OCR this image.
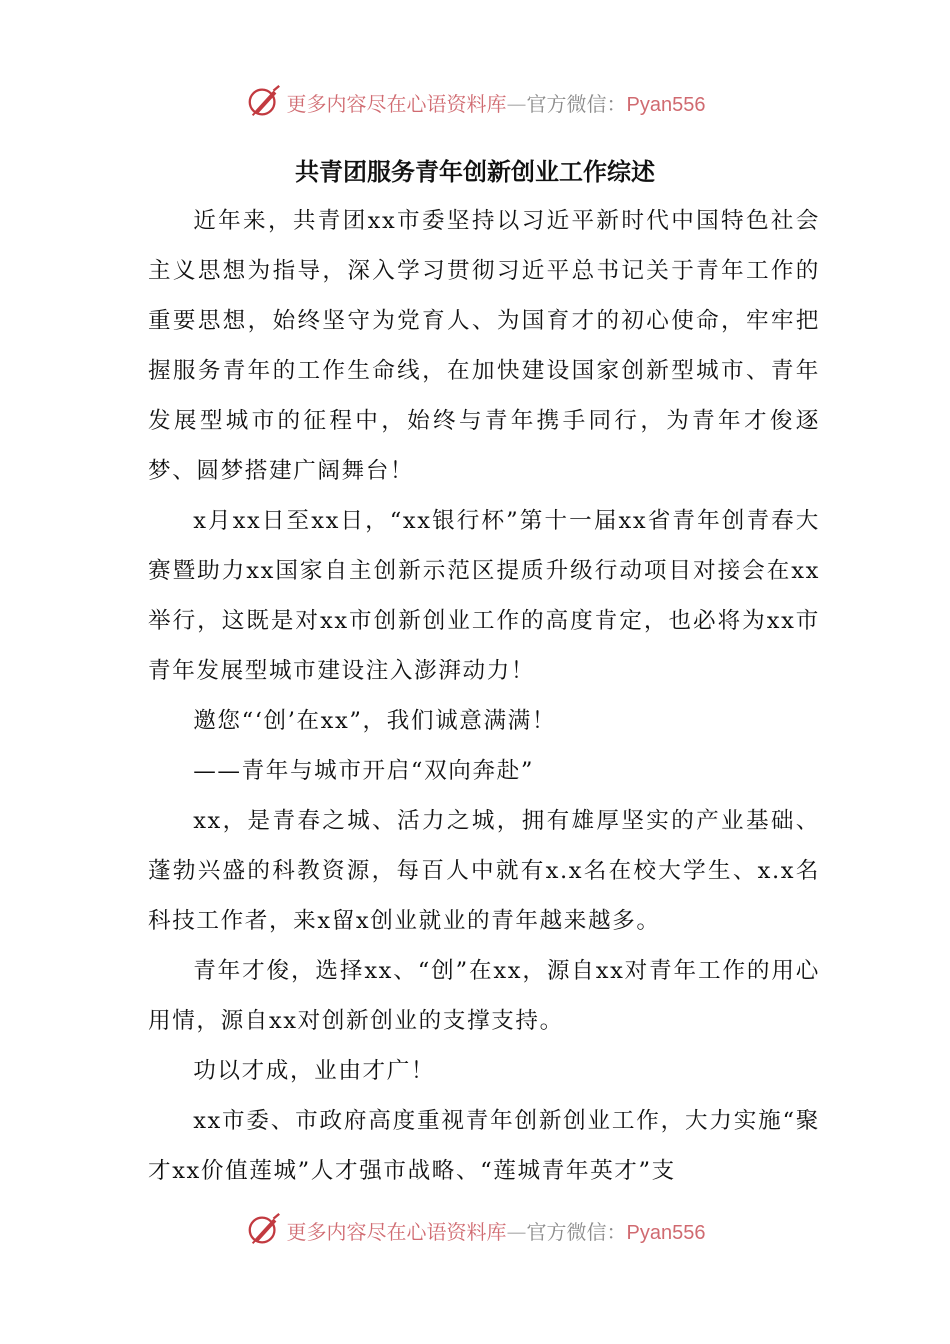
更多内容尽在心语资料库—官方微信：Pyan556
共青团服务青年创新创业工作综述

近年来，共青团xx市委坚持以习近平新时代中国特色社会主义思想为指导，深入学习贯彻习近平总书记关于青年工作的重要思想，始终坚守为党育人、为国育才的初心使命，牢牢把握服务青年的工作生命线，在加快建设国家创新型城市、青年发展型城市的征程中，始终与青年携手同行，为青年才俊逐梦、圆梦搭建广阔舞台！

x月xx日至xx日，“xx银行杯”第十一届xx省青年创青春大赛暨助力xx国家自主创新示范区提质升级行动项目对接会在xx举行，这既是对xx市创新创业工作的高度肯定，也必将为xx市青年发展型城市建设注入澎湃动力！

邀您“‘创’在xx”，我们诚意满满！

——青年与城市开启“双向奔赴”

xx，是青春之城、活力之城，拥有雄厚坚实的产业基础、蓬勃兴盛的科教资源，每百人中就有x.x名在校大学生、x.x名科技工作者，来x留x创业就业的青年越来越多。

青年才俊，选择xx、“创”在xx，源自xx对青年工作的用心用情，源自xx对创新创业的支撑支持。

功以才成，业由才广！

xx市委、市政府高度重视青年创新创业工作，大力实施“聚才xx价值莲城”人才强市战略、“莲城青年英才”支

更多内容尽在心语资料库—官方微信：Pyan556
